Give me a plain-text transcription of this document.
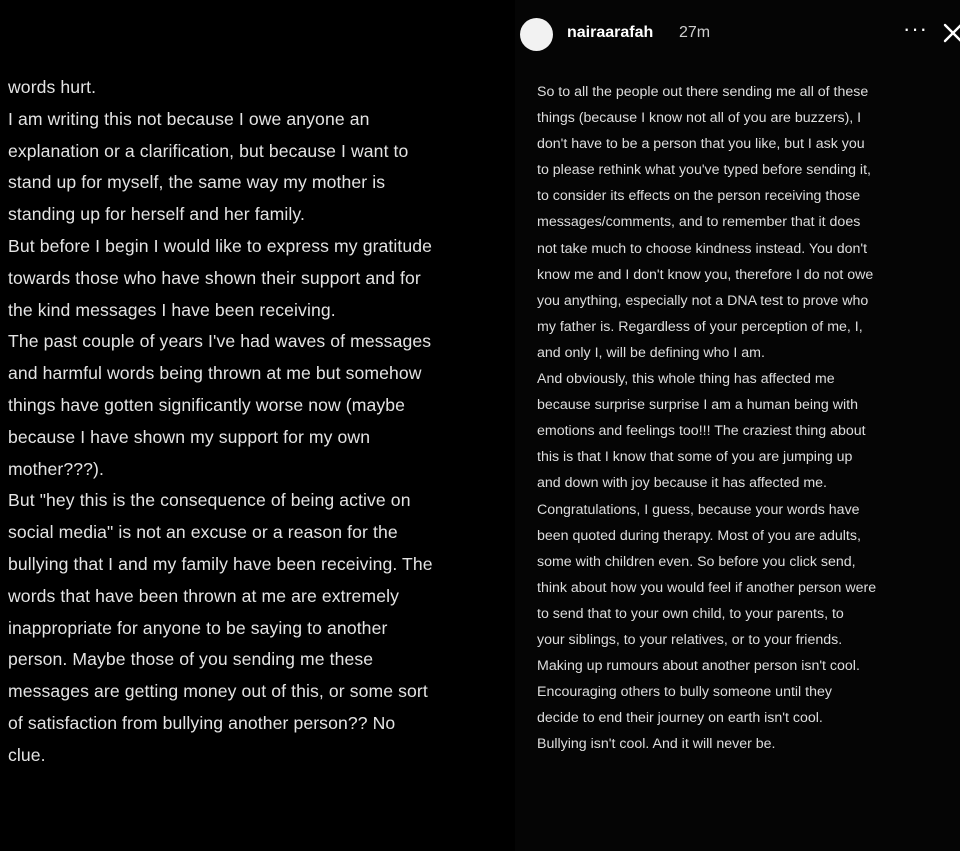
words hurt.
I am writing this not because I owe anyone an
explanation or a clarification, but because I want to
stand up for myself, the same way my mother is
standing up for herself and her family.
But before I begin I would like to express my gratitude
towards those who have shown their support and for
the kind messages I have been receiving.
The past couple of years I've had waves of messages
and harmful words being thrown at me but somehow
things have gotten significantly worse now (maybe
because I have shown my support for my own
mother???).
But "hey this is the consequence of being active on
social media" is not an excuse or a reason for the
bullying that I and my family have been receiving. The
words that have been thrown at me are extremely
inappropriate for anyone to be saying to another
person. Maybe those of you sending me these
messages are getting money out of this, or some sort
of satisfaction from bullying another person?? No
clue.
nairaarafah 27m	···
So to all the people out there sending me all of these
things (because I know not all of you are buzzers), I
don't have to be a person that you like, but I ask you
to please rethink what you've typed before sending it,
to consider its effects on the person receiving those
messages/comments, and to remember that it does
not take much to choose kindness instead. You don't
know me and I don't know you, therefore I do not owe
you anything, especially not a DNA test to prove who
my father is. Regardless of your perception of me, I,
and only I, will be defining who I am.
And obviously, this whole thing has affected me
because surprise surprise I am a human being with
emotions and feelings too!!! The craziest thing about
this is that I know that some of you are jumping up
and down with joy because it has affected me.
Congratulations, I guess, because your words have
been quoted during therapy. Most of you are adults,
some with children even. So before you click send,
think about how you would feel if another person were
to send that to your own child, to your parents, to
your siblings, to your relatives, or to your friends.
Making up rumours about another person isn't cool.
Encouraging others to bully someone until they
decide to end their journey on earth isn't cool.
Bullying isn't cool. And it will never be.
